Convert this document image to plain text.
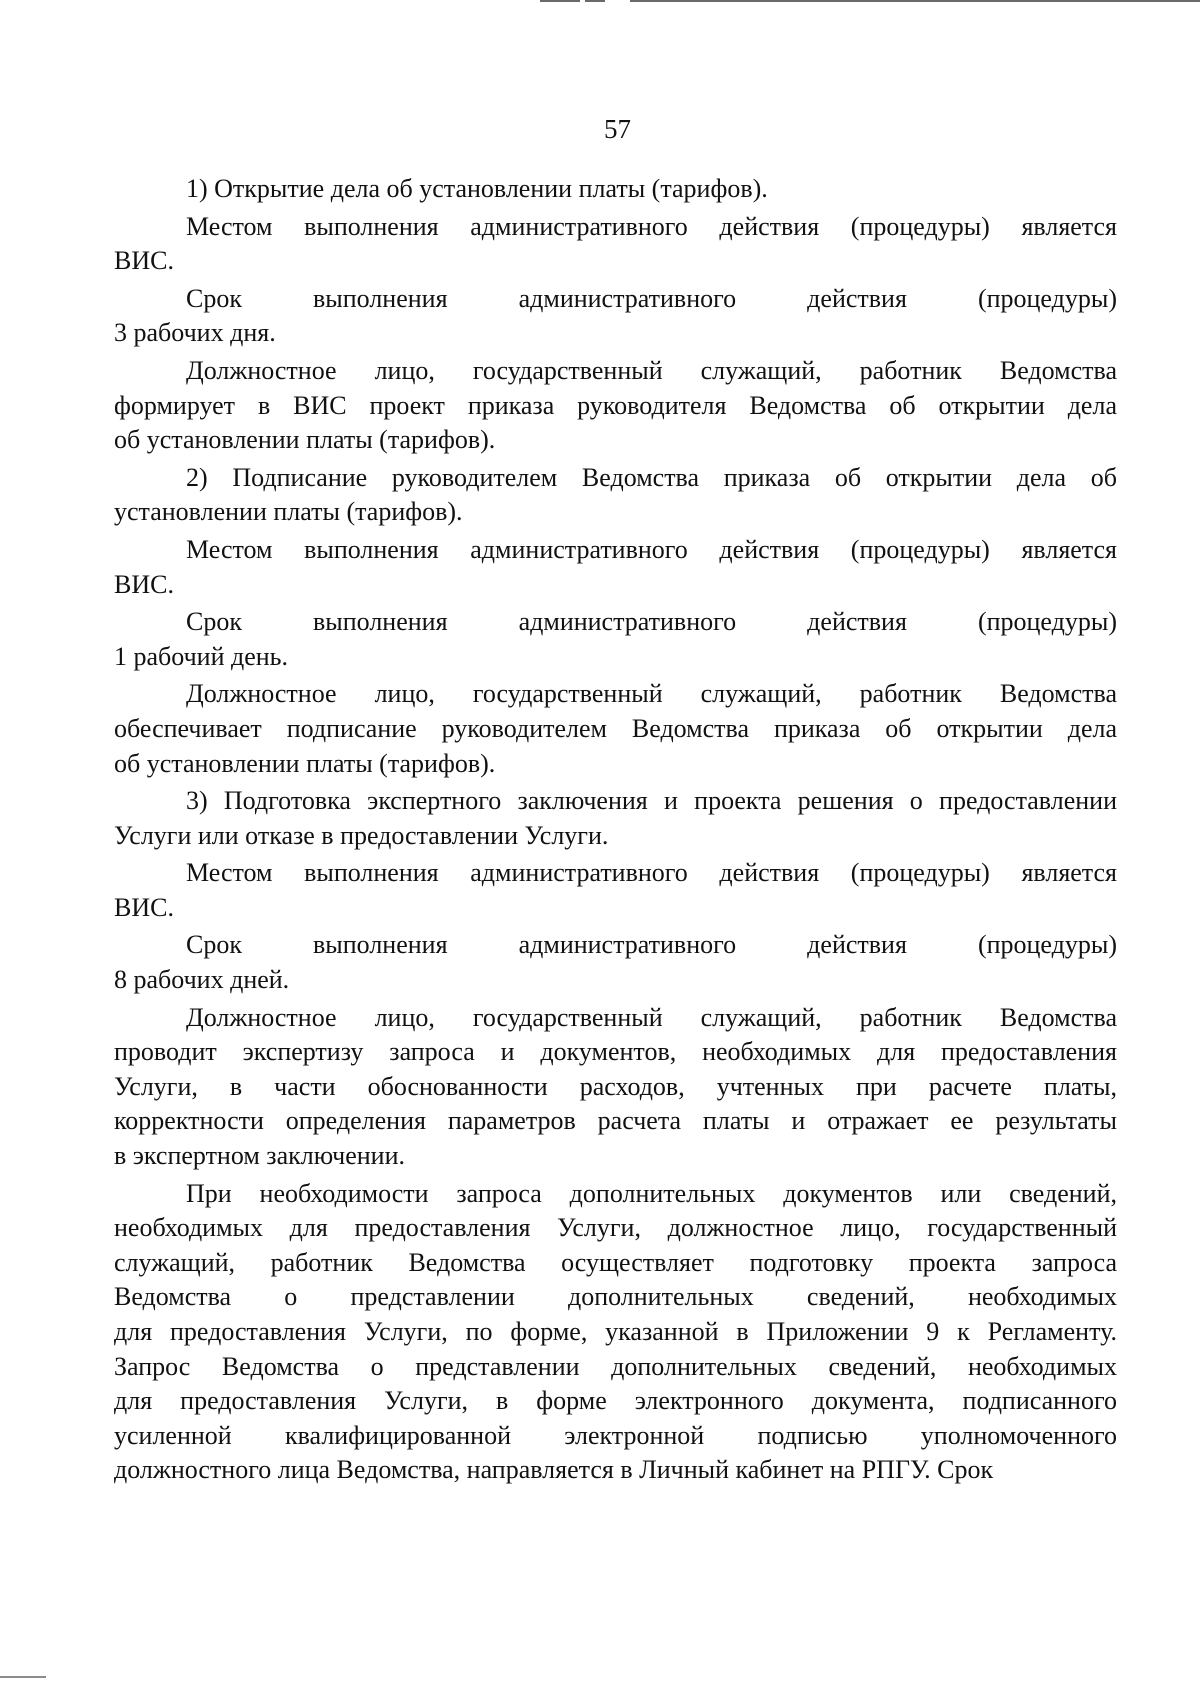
57

1) Открытие дела об установлении платы (тарифов).

Местом выполнения административного действия (процедуры) является
ВИС.

Срок выполнения административного действия (процедуры)
3 рабочих дня.

Должностное лицо, государственный служащий, работник Ведомства
формирует в ВИС проект приказа руководителя Ведомства об открытии дела
об установлении платы (тарифов).

2) Подписание руководителем Ведомства приказа об открытии дела об
установлении платы (тарифов).

Местом выполнения административного действия (процедуры) является
ВИС.

Срок выполнения административного действия (процедуры)
1 рабочий день.

Должностное лицо, государственный служащий, работник Ведомства
обеспечивает подписание руководителем Ведомства приказа об открытии дела
об установлении платы (тарифов).

3) Подготовка экспертного заключения и проекта решения о предоставлении
Услуги или отказе в предоставлении Услуги.

Местом выполнения административного действия (процедуры) является
ВИС.

Срок выполнения административного действия (процедуры)
8 рабочих дней.

Должностное лицо, государственный служащий, работник Ведомства
проводит экспертизу запроса и документов, необходимых для предоставления
Услуги, в части обоснованности расходов, учтенных при расчете платы,
корректности определения параметров расчета платы и отражает ее результаты
в экспертном заключении.

При необходимости запроса дополнительных документов или сведений,
необходимых для предоставления Услуги, должностное лицо, государственный
служащий, работник Ведомства осуществляет подготовку проекта запроса
Ведомства о представлении дополнительных сведений, необходимых
для предоставления Услуги, по форме, указанной в Приложении 9 к Регламенту.
Запрос Ведомства о представлении дополнительных сведений, необходимых
для предоставления Услуги, в форме электронного документа, подписанного
усиленной квалифицированной электронной подписью уполномоченного
должностного лица Ведомства, направляется в Личный кабинет на РПГУ. Срок
